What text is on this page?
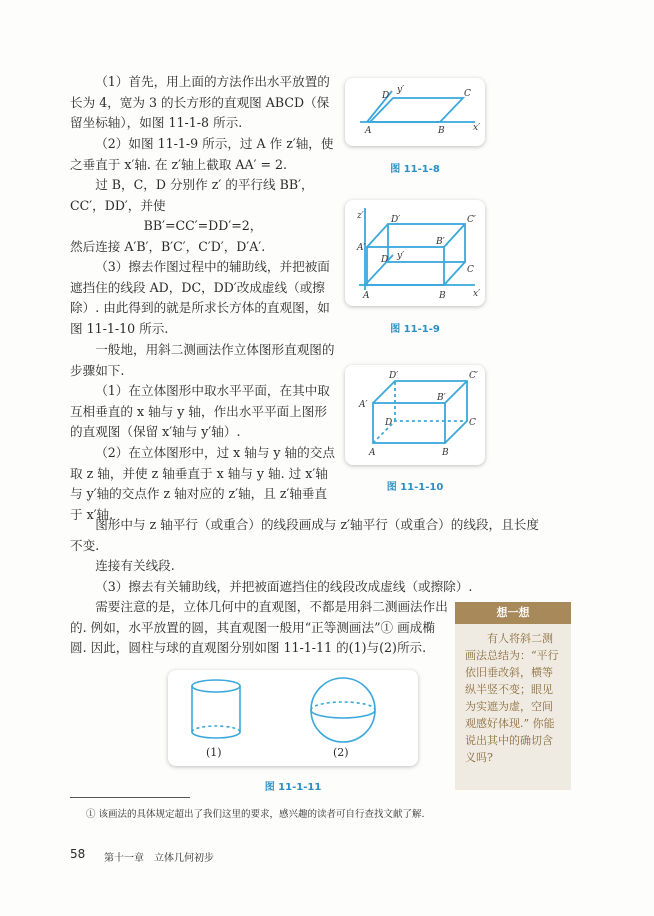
（1）首先，用上面的方法作出水平放置的长为 4，宽为 3 的长方形的直观图 ABCD（保留坐标轴），如图 11-1-8 所示.

（2）如图 11-1-9 所示，过 A 作 z′轴，使之垂直于 x′轴. 在 z′轴上截取 AA′ = 2.

过 B，C，D 分别作 z′ 的平行线 BB′，CC′，DD′，并使

BB′=CC′=DD′=2，

然后连接 A′B′，B′C′，C′D′，D′A′.

（3）擦去作图过程中的辅助线，并把被面遮挡住的线段 AD，DC，DD′改成虚线（或擦除）. 由此得到的就是所求长方体的直观图，如图 11-1-10 所示.

一般地，用斜二测画法作立体图形直观图的步骤如下.

（1）在立体图形中取水平平面，在其中取互相垂直的 x 轴与 y 轴，作出水平平面上图形的直观图（保留 x′轴与 y′轴）.

（2）在立体图形中，过 x 轴与 y 轴的交点取 z 轴，并使 z 轴垂直于 x 轴与 y 轴. 过 x′轴与 y′轴的交点作 z 轴对应的 z′轴，且 z′轴垂直于 x′轴.

图形中与 z 轴平行（或重合）的线段画成与 z′轴平行（或重合）的线段，且长度不变.

连接有关线段.

（3）擦去有关辅助线，并把被面遮挡住的线段改成虚线（或擦除）.

需要注意的是，立体几何中的直观图，不都是用斜二测画法作出的. 例如，水平放置的圆，其直观图一般用“正等测画法”① 画成椭圆. 因此，圆柱与球的直观图分别如图 11-1-11 的(1)与(2)所示.

A	B
C
D
y′
x′
图 11-1-8
z′
A′
A	B
D′	C′
B′
C
D y′
x′
图 11-1-9
A	B
A′
D′	C′
B′
C
D
图 11-1-10
想一想
有人将斜二测画法总结为：“平行依旧垂改斜，横等纵半竖不变；眼见为实遮为虚，空间观感好体现.” 你能说出其中的确切含义吗?
(1)	(2)
图 11-1-11
① 该画法的具体规定超出了我们这里的要求，感兴趣的读者可自行查找文献了解.
58 第十一章　立体几何初步
